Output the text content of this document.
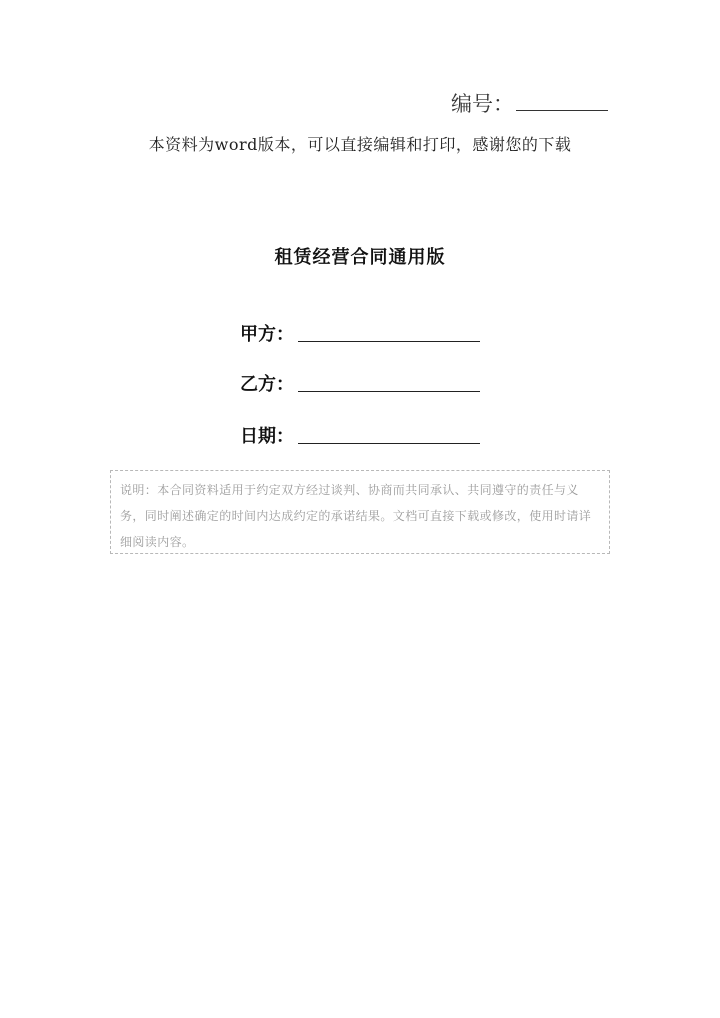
编号：
本资料为word版本，可以直接编辑和打印，感谢您的下载
租赁经营合同通用版
甲方：
乙方：
日期：
说明：本合同资料适用于约定双方经过谈判、协商而共同承认、共同遵守的责任与义务，同时阐述确定的时间内达成约定的承诺结果。文档可直接下载或修改，使用时请详细阅读内容。
